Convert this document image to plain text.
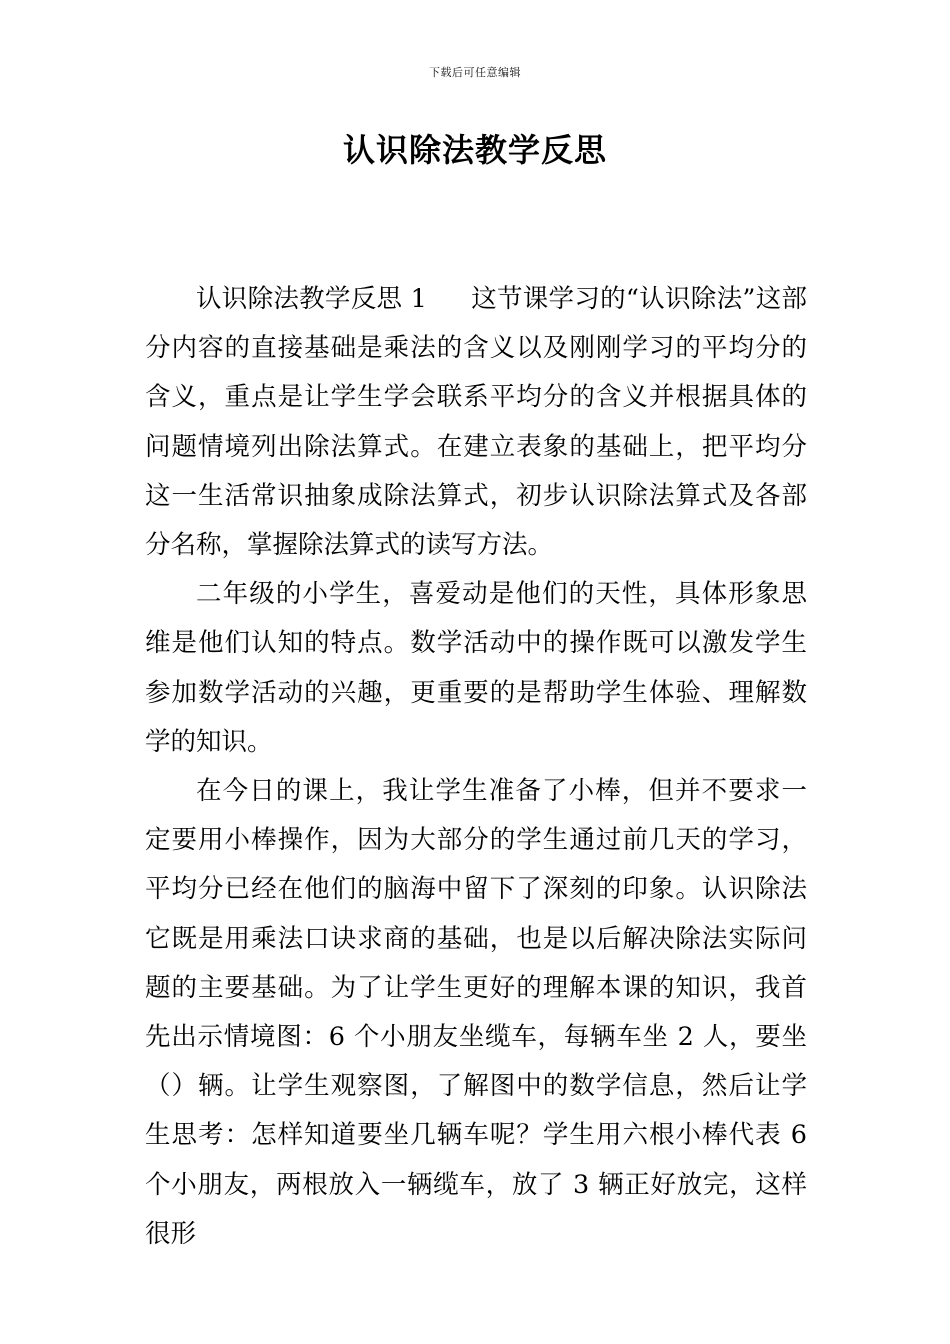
下载后可任意编辑
认识除法教学反思

认识除法教学反思 1 这节课学习的“认识除法”这部分内容的直接基础是乘法的含义以及刚刚学习的平均分的含义，重点是让学生学会联系平均分的含义并根据具体的问题情境列出除法算式。在建立表象的基础上，把平均分这一生活常识抽象成除法算式，初步认识除法算式及各部分名称，掌握除法算式的读写方法。

二年级的小学生，喜爱动是他们的天性，具体形象思维是他们认知的特点。数学活动中的操作既可以激发学生参加数学活动的兴趣，更重要的是帮助学生体验、理解数学的知识。

在今日的课上，我让学生准备了小棒，但并不要求一定要用小棒操作，因为大部分的学生通过前几天的学习，平均分已经在他们的脑海中留下了深刻的印象。认识除法它既是用乘法口诀求商的基础，也是以后解决除法实际问题的主要基础。为了让学生更好的理解本课的知识，我首先出示情境图：6 个小朋友坐缆车，每辆车坐 2 人，要坐（）辆。让学生观察图，了解图中的数学信息，然后让学生思考：怎样知道要坐几辆车呢？学生用六根小棒代表 6 个小朋友，两根放入一辆缆车，放了 3 辆正好放完，这样很形
